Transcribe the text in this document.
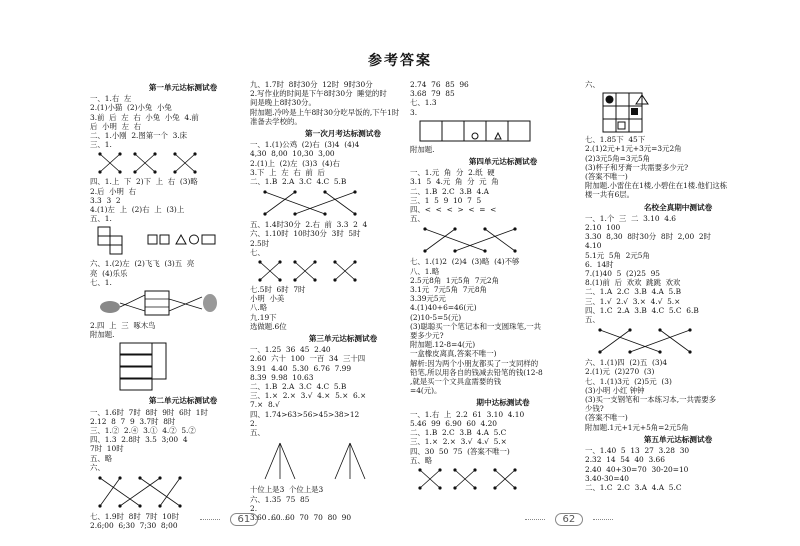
参考答案
第一单元达标测试卷
一、1.右  左
2.(1)小猫  (2)小兔  小兔
3.前  后  左  右  小兔  小兔  4.前
后  小明  左  右
二、1.小刚  2.图第一个  3.床
三、1.
四、1.上  下  2)下  上  右  (3)略
2.后  小明  右
3.3  3  2
4.(1)左  上  (2)右  上  (3)上
五、1.
六、1.(2)左  (2)飞飞  (3)五  亮
亮  (4)乐乐
七、1.
2.四  上  三  啄木鸟
附加题.
第二单元达标测试卷
一、1.6时  7时  8时  9时  6时  1时
2.12  8  7  9  3.7时  8时
三、1.②  2.④  3.①  4.②  5.②
四、1.3  2.8时  3.5  3;00  4
7时  10时
五、略
六、
七、1.9时  8时  7时  10时
2.6;00  6;30  7;30  8;00
九、1.7时  8时30分  12时  9时30分
2.写作业的时间是下午8时30分  睡觉的时
间是晚上8时30分。
附加题.冷吟是上午8时30分吃早饭的,下午1时
准备去学校的。
第一次月考达标测试卷
一、1.(1)公鸡  (2)右  (3)4  (4)4
4,30  8,00  10,30  3,00
2.(1)上  (2)左  (3)3  (4)右
3.下  上  左  右  前  后
二、1.B  2.A  3.C  4.C  5.B
五、1.4时30分  2.右  前  3.3  2  4
六、1.10时  10时30分  3时  5时
2.5时
七、
七.5时  6时  7时
小明  小美
八.略
九.19下
选做题.6位
第三单元达标测试卷
一、1.25  36  45  2.40
2.60  六十  100  一百  34  三十四
3.91  4.40  5.30  6.76  7.99
8.39  9.98  10.63
二、1.B  2.A  3.C  4.C  5.B
三、1.×  2.×  3.√  4.×  5.×  6.×
7.×  8.√
四、1.74>63>56>45>38>12
2.
五、
十位上是3  个位上是3
六、1.35  75  85
2.
3.60  60  60  70  70  80  90
2.74  76  85  96
3.68  79  85
七、1.3
3.
附加题.
第四单元达标测试卷
一、1.元  角  分  2.纸  硬
3.1  5  4.元  角  分  元  角
二、1.B  2.C  3.B  4.A
三、1  5  9  10  7  5
四、<  <  <  >  <  =  <
五、
七、1.(1)2  (2)4  (3)略  (4)不够
八、1.略
2.5元8角  1元5角  7元2角
3.1元  7元5角  7元8角
3.39元5元
4.(1)40+6=46(元)
(2)10-5=5(元)
(3)聪聪买一个笔记本和一支圆珠笔,一共
要多少元?
附加题.12-8=4(元)
一盒橡皮离真,答案不唯一)
解析:因为两个小朋友都买了一支同样的
铅笔,所以用各自的钱减去铅笔的钱(12-8
,就是买一个文具盒需要的钱
=4(元)。
期中达标测试卷
一、1.右  上  2.2  61  3.10  4.10
5.46  99  6.90  60  4.20
二、1.B  2.C  3.B  4.A  5.C
三、1.×  2.×  3.√  4.√  5.×
四、30  50  75  (答案不唯一)
五、略
六、
七、1.85下  45下
2.(1)2元+1元+3元=3元2角
(2)3元5角=3元5角
(3)杯子和牙膏一共需要多少元?
(答案不唯一)
附加题.小雷住在1楼,小碧住在1楼.他们这栋
楼一共有6层。
名校全真期中测试卷
一、1.个  三  二  3.10  4.6
2.10  100
3.30  8,30  8时30分  8时  2,00  2时
4.10
5.1元  5角  2元5角
6.  14时
7.(1)40  5  (2)25  95
8.(1)前  后  欢欢  跳跳  欢欢
二、1.A  2.C  3.B  4.A  5.B
三、1.√  2.√  3.×  4.√  5.×
四、1.C  2.A  3.B  4.C  5.C  6.B
五、
六、1.(1)四  (2)五  (3)4
2.(1)元  (2)270  (3)
七、1.(1)3元  (2)5元  (3)
(3)小明 小红 钟钟
(3)买一支钢笔和一本练习本,一共需要多
少钱?
(答案不唯一)
附加题.1元+1元+5角=2元5角
第五单元达标测试卷
一、1.40  5  13  27  3.28  30
2.32  14  54  40  3.66
2.40  40+30=70  30-20=10
3.40-30=40
二、1.C  2.C  3.A  4.A  5.C
61	62
